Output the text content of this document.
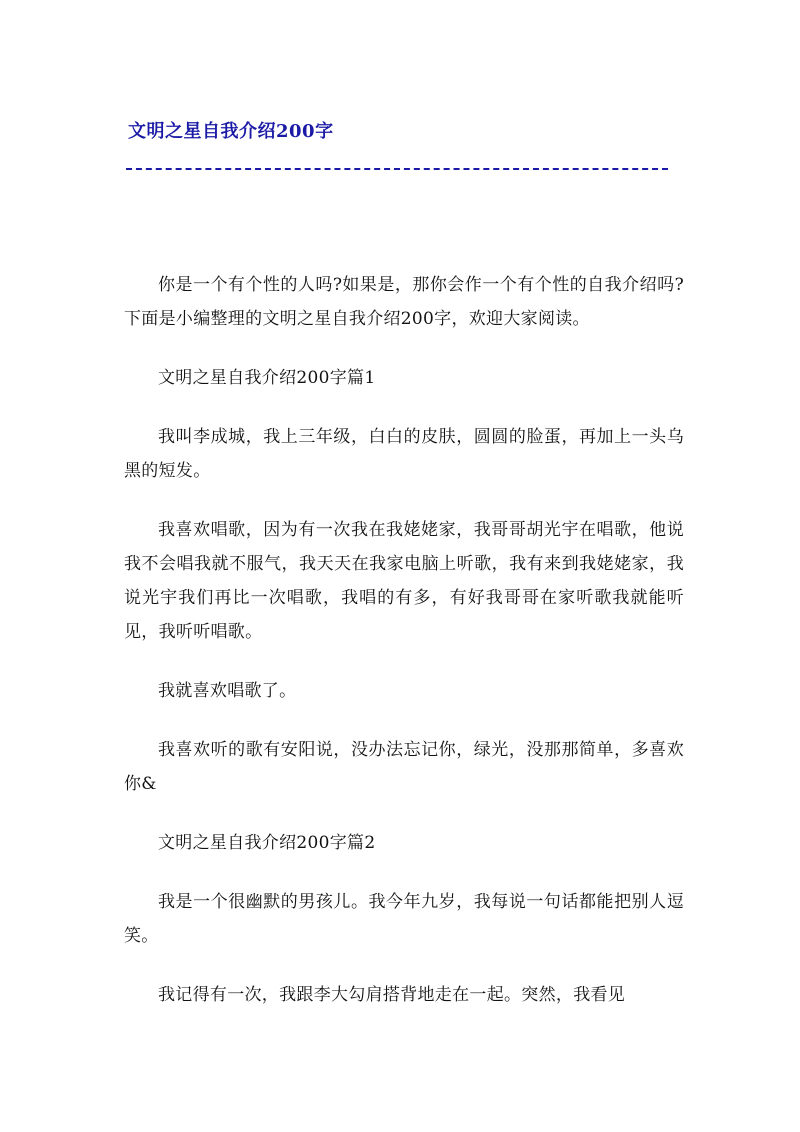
文明之星自我介绍200字

你是一个有个性的人吗?如果是，那你会作一个有个性的自我介绍吗?下面是小编整理的文明之星自我介绍200字，欢迎大家阅读。

文明之星自我介绍200字篇1

我叫李成城，我上三年级，白白的皮肤，圆圆的脸蛋，再加上一头乌黑的短发。

我喜欢唱歌，因为有一次我在我姥姥家，我哥哥胡光宇在唱歌，他说我不会唱我就不服气，我天天在我家电脑上听歌，我有来到我姥姥家，我说光宇我们再比一次唱歌，我唱的有多，有好我哥哥在家听歌我就能听见，我听听唱歌。

我就喜欢唱歌了。

我喜欢听的歌有安阳说，没办法忘记你，绿光，没那那简单，多喜欢你&

文明之星自我介绍200字篇2

我是一个很幽默的男孩儿。我今年九岁，我每说一句话都能把别人逗笑。

我记得有一次，我跟李大勾肩搭背地走在一起。突然，我看见
